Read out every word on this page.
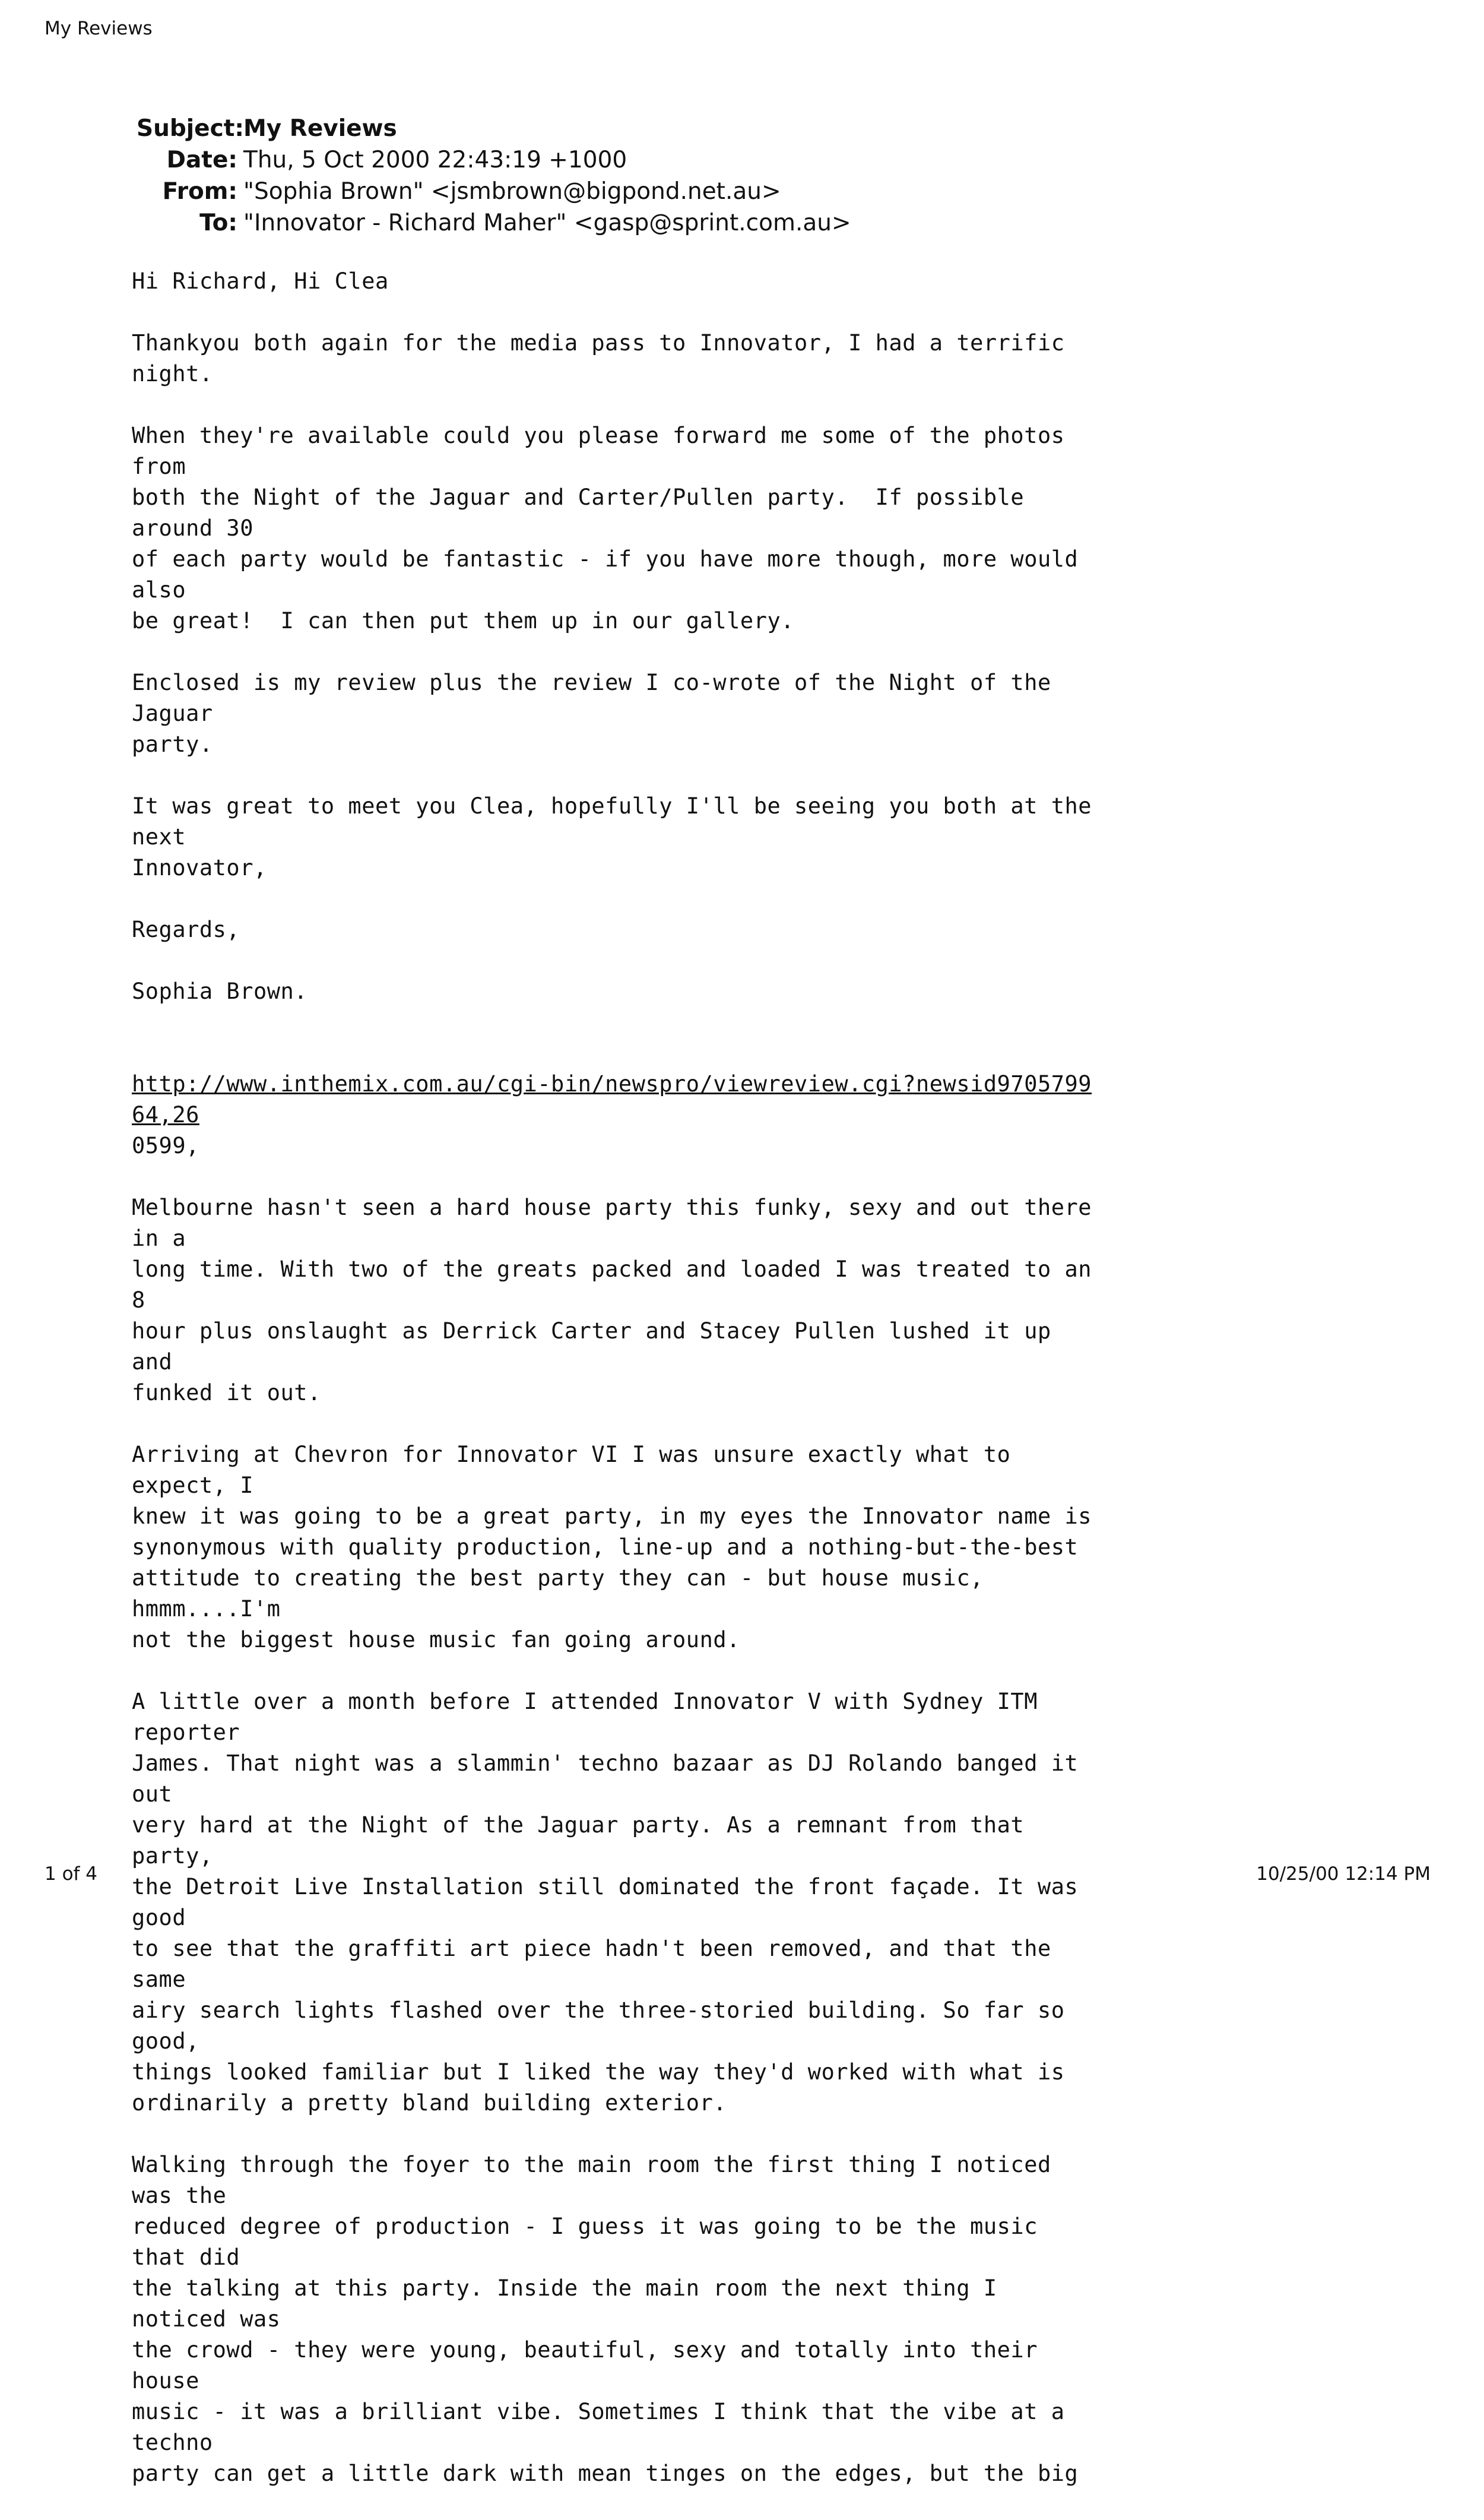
My Reviews
Subject: My Reviews
Date: Thu, 5 Oct 2000 22:43:19 +1000
From: "Sophia Brown" <jsmbrown@bigpond.net.au>
To: "Innovator - Richard Maher" <gasp@sprint.com.au>

Hi Richard, Hi Clea

Thankyou both again for the media pass to Innovator, I had a terrific night.

When they're available could you please forward me some of the photos from
both the Night of the Jaguar and Carter/Pullen party.  If possible around 30
of each party would be fantastic - if you have more though, more would also
be great!  I can then put them up in our gallery.

Enclosed is my review plus the review I co-wrote of the Night of the Jaguar
party.

It was great to meet you Clea, hopefully I'll be seeing you both at the next
Innovator,

Regards,

Sophia Brown.

http://www.inthemix.com.au/cgi-bin/newspro/viewreview.cgi?newsid970579964,26
0599,

Melbourne hasn't seen a hard house party this funky, sexy and out there in a
long time. With two of the greats packed and loaded I was treated to an 8
hour plus onslaught as Derrick Carter and Stacey Pullen lushed it up and
funked it out.

Arriving at Chevron for Innovator VI I was unsure exactly what to expect, I
knew it was going to be a great party, in my eyes the Innovator name is
synonymous with quality production, line-up and a nothing-but-the-best
attitude to creating the best party they can - but house music, hmmm....I'm
not the biggest house music fan going around.

A little over a month before I attended Innovator V with Sydney ITM reporter
James. That night was a slammin' techno bazaar as DJ Rolando banged it out
very hard at the Night of the Jaguar party. As a remnant from that party,
the Detroit Live Installation still dominated the front façade. It was good
to see that the graffiti art piece hadn't been removed, and that the same
airy search lights flashed over the three-storied building. So far so good,
things looked familiar but I liked the way they'd worked with what is
ordinarily a pretty bland building exterior.

Walking through the foyer to the main room the first thing I noticed was the
reduced degree of production - I guess it was going to be the music that did
the talking at this party. Inside the main room the next thing I noticed was
the crowd - they were young, beautiful, sexy and totally into their house
music - it was a brilliant vibe. Sometimes I think that the vibe at a techno
party can get a little dark with mean tinges on the edges, but the big

1 of 4	10/25/00 12:14 PM
